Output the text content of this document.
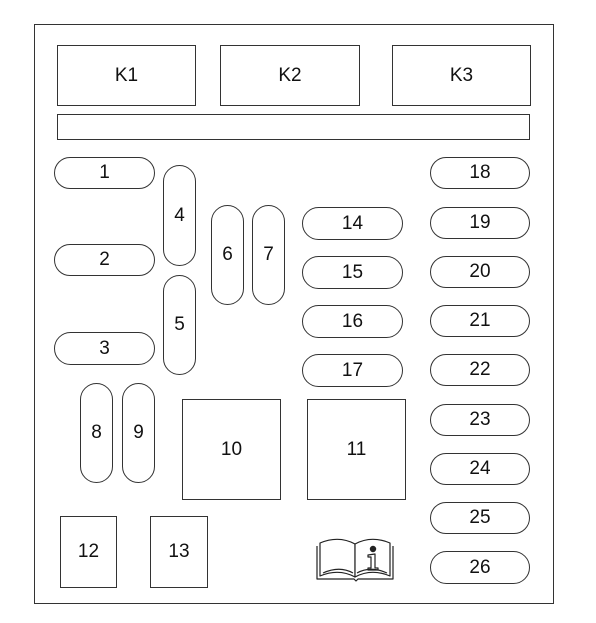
K1	K2	K3
1
2
3
4
5
6	7
8	9
10	11
12	13
14
15
16
17
18
19
20
21
22
23
24
25
26
